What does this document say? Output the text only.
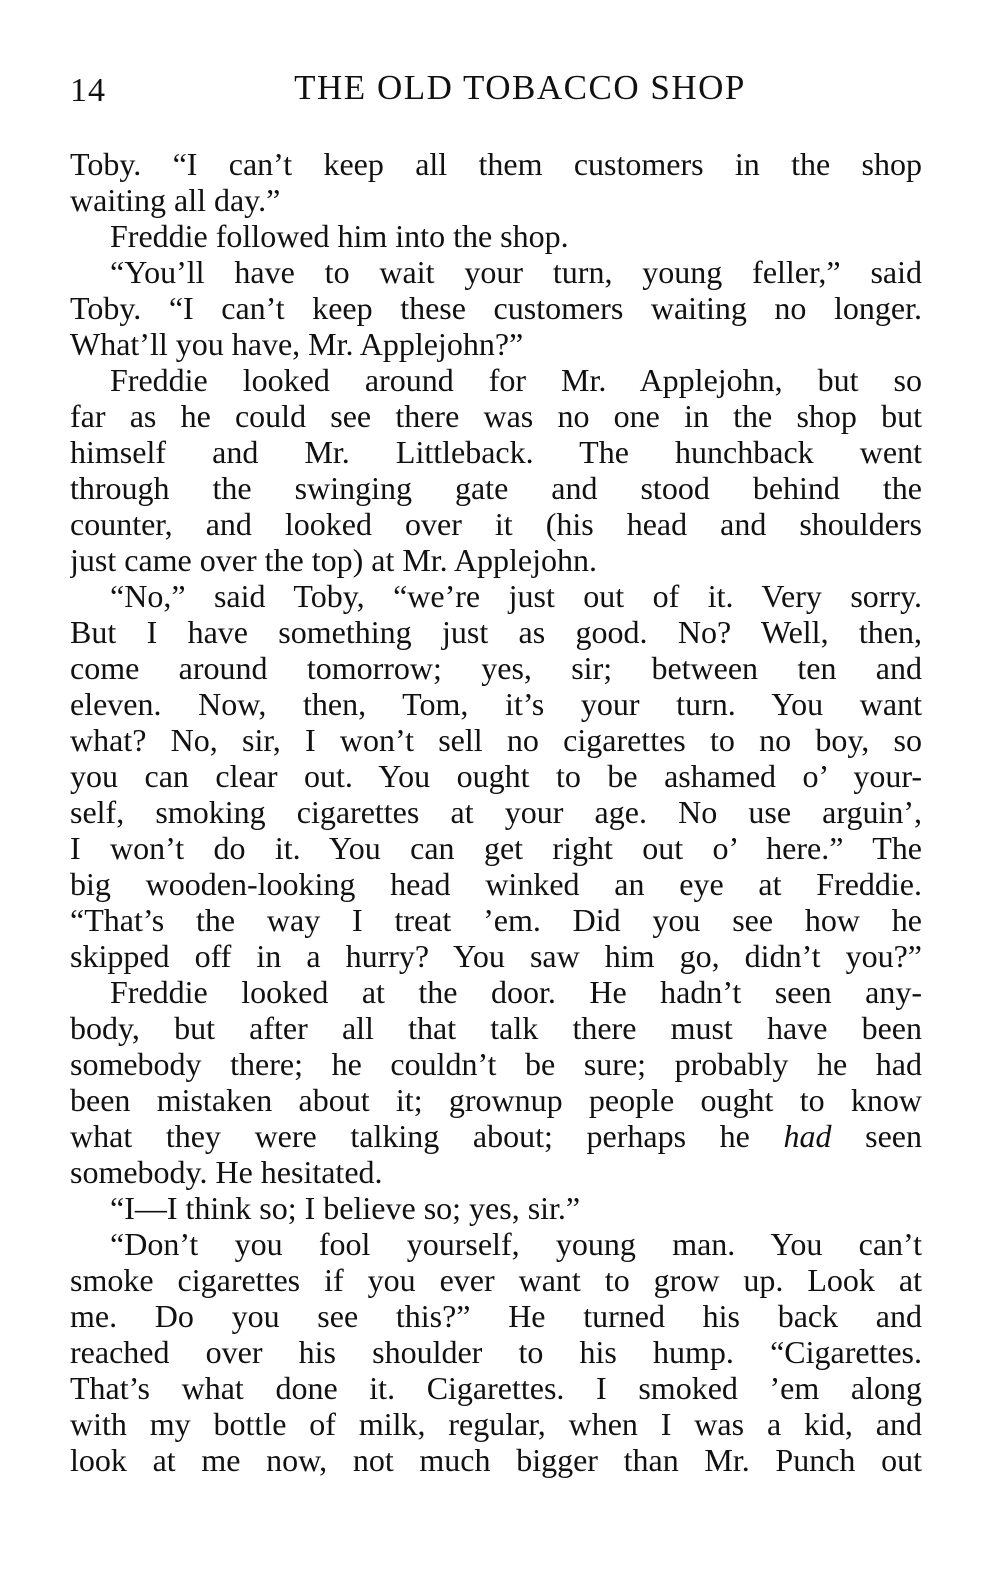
14	THE OLD TOBACCO SHOP
Toby. “I can’t keep all them customers in the shop
waiting all day.”
Freddie followed him into the shop.
“You’ll have to wait your turn, young feller,” said
Toby. “I can’t keep these customers waiting no longer.
What’ll you have, Mr. Applejohn?”
Freddie looked around for Mr. Applejohn, but so
far as he could see there was no one in the shop but
himself and Mr. Littleback. The hunchback went
through the swinging gate and stood behind the
counter, and looked over it (his head and shoulders
just came over the top) at Mr. Applejohn.
“No,” said Toby, “we’re just out of it. Very sorry.
But I have something just as good. No? Well, then,
come around tomorrow; yes, sir; between ten and
eleven. Now, then, Tom, it’s your turn. You want
what? No, sir, I won’t sell no cigarettes to no boy, so
you can clear out. You ought to be ashamed o’ your-
self, smoking cigarettes at your age. No use arguin’,
I won’t do it. You can get right out o’ here.” The
big wooden-looking head winked an eye at Freddie.
“That’s the way I treat ’em. Did you see how he
skipped off in a hurry? You saw him go, didn’t you?”
Freddie looked at the door. He hadn’t seen any-
body, but after all that talk there must have been
somebody there; he couldn’t be sure; probably he had
been mistaken about it; grownup people ought to know
what they were talking about; perhaps he had seen
somebody. He hesitated.
“I—I think so; I believe so; yes, sir.”
“Don’t you fool yourself, young man. You can’t
smoke cigarettes if you ever want to grow up. Look at
me. Do you see this?” He turned his back and
reached over his shoulder to his hump. “Cigarettes.
That’s what done it. Cigarettes. I smoked ’em along
with my bottle of milk, regular, when I was a kid, and
look at me now, not much bigger than Mr. Punch out
